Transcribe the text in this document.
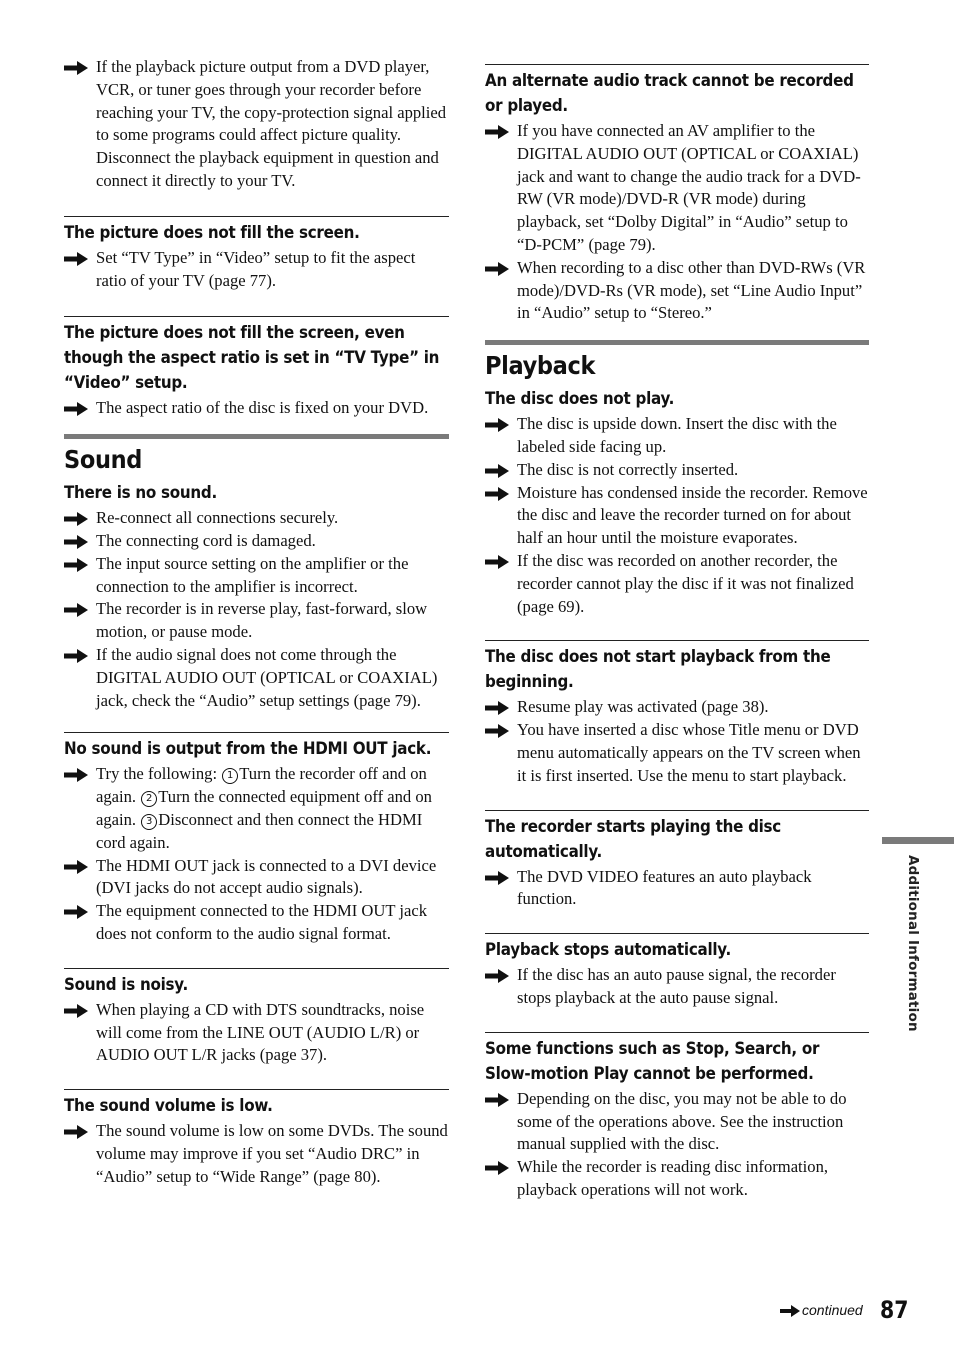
If the playback picture output from a DVD player, VCR, or tuner goes through your recorder before reaching your TV, the copy-protection signal applied to some programs could affect picture quality. Disconnect the playback equipment in question and connect it directly to your TV.
The picture does not fill the screen.
Set “TV Type” in “Video” setup to fit the aspect ratio of your TV (page 77).
The picture does not fill the screen, even though the aspect ratio is set in “TV Type” in “Video” setup.
The aspect ratio of the disc is fixed on your DVD.
Sound
There is no sound.
Re-connect all connections securely.
The connecting cord is damaged.
The input source setting on the amplifier or the connection to the amplifier is incorrect.
The recorder is in reverse play, fast-forward, slow motion, or pause mode.
If the audio signal does not come through the DIGITAL AUDIO OUT (OPTICAL or COAXIAL) jack, check the “Audio” setup settings (page 79).
No sound is output from the HDMI OUT jack.
Try the following: 1 Turn the recorder off and on again. 2 Turn the connected equipment off and on again. 3 Disconnect and then connect the HDMI cord again.
The HDMI OUT jack is connected to a DVI device (DVI jacks do not accept audio signals).
The equipment connected to the HDMI OUT jack does not conform to the audio signal format.
Sound is noisy.
When playing a CD with DTS soundtracks, noise will come from the LINE OUT (AUDIO L/R) or AUDIO OUT L/R jacks (page 37).
The sound volume is low.
The sound volume is low on some DVDs. The sound volume may improve if you set “Audio DRC” in “Audio” setup to “Wide Range” (page 80).
An alternate audio track cannot be recorded or played.
If you have connected an AV amplifier to the DIGITAL AUDIO OUT (OPTICAL or COAXIAL) jack and want to change the audio track for a DVD-RW (VR mode)/DVD-R (VR mode) during playback, set “Dolby Digital” in “Audio” setup to “D-PCM” (page 79).
When recording to a disc other than DVD-RWs (VR mode)/DVD-Rs (VR mode), set “Line Audio Input” in “Audio” setup to “Stereo.”
Playback
The disc does not play.
The disc is upside down. Insert the disc with the labeled side facing up.
The disc is not correctly inserted.
Moisture has condensed inside the recorder. Remove the disc and leave the recorder turned on for about half an hour until the moisture evaporates.
If the disc was recorded on another recorder, the recorder cannot play the disc if it was not finalized (page 69).
The disc does not start playback from the beginning.
Resume play was activated (page 38).
You have inserted a disc whose Title menu or DVD menu automatically appears on the TV screen when it is first inserted. Use the menu to start playback.
The recorder starts playing the disc automatically.
The DVD VIDEO features an auto playback function.
Playback stops automatically.
If the disc has an auto pause signal, the recorder stops playback at the auto pause signal.
Some functions such as Stop, Search, or Slow-motion Play cannot be performed.
Depending on the disc, you may not be able to do some of the operations above. See the instruction manual supplied with the disc.
While the recorder is reading disc information, playback operations will not work.
Additional Information
continued 87
